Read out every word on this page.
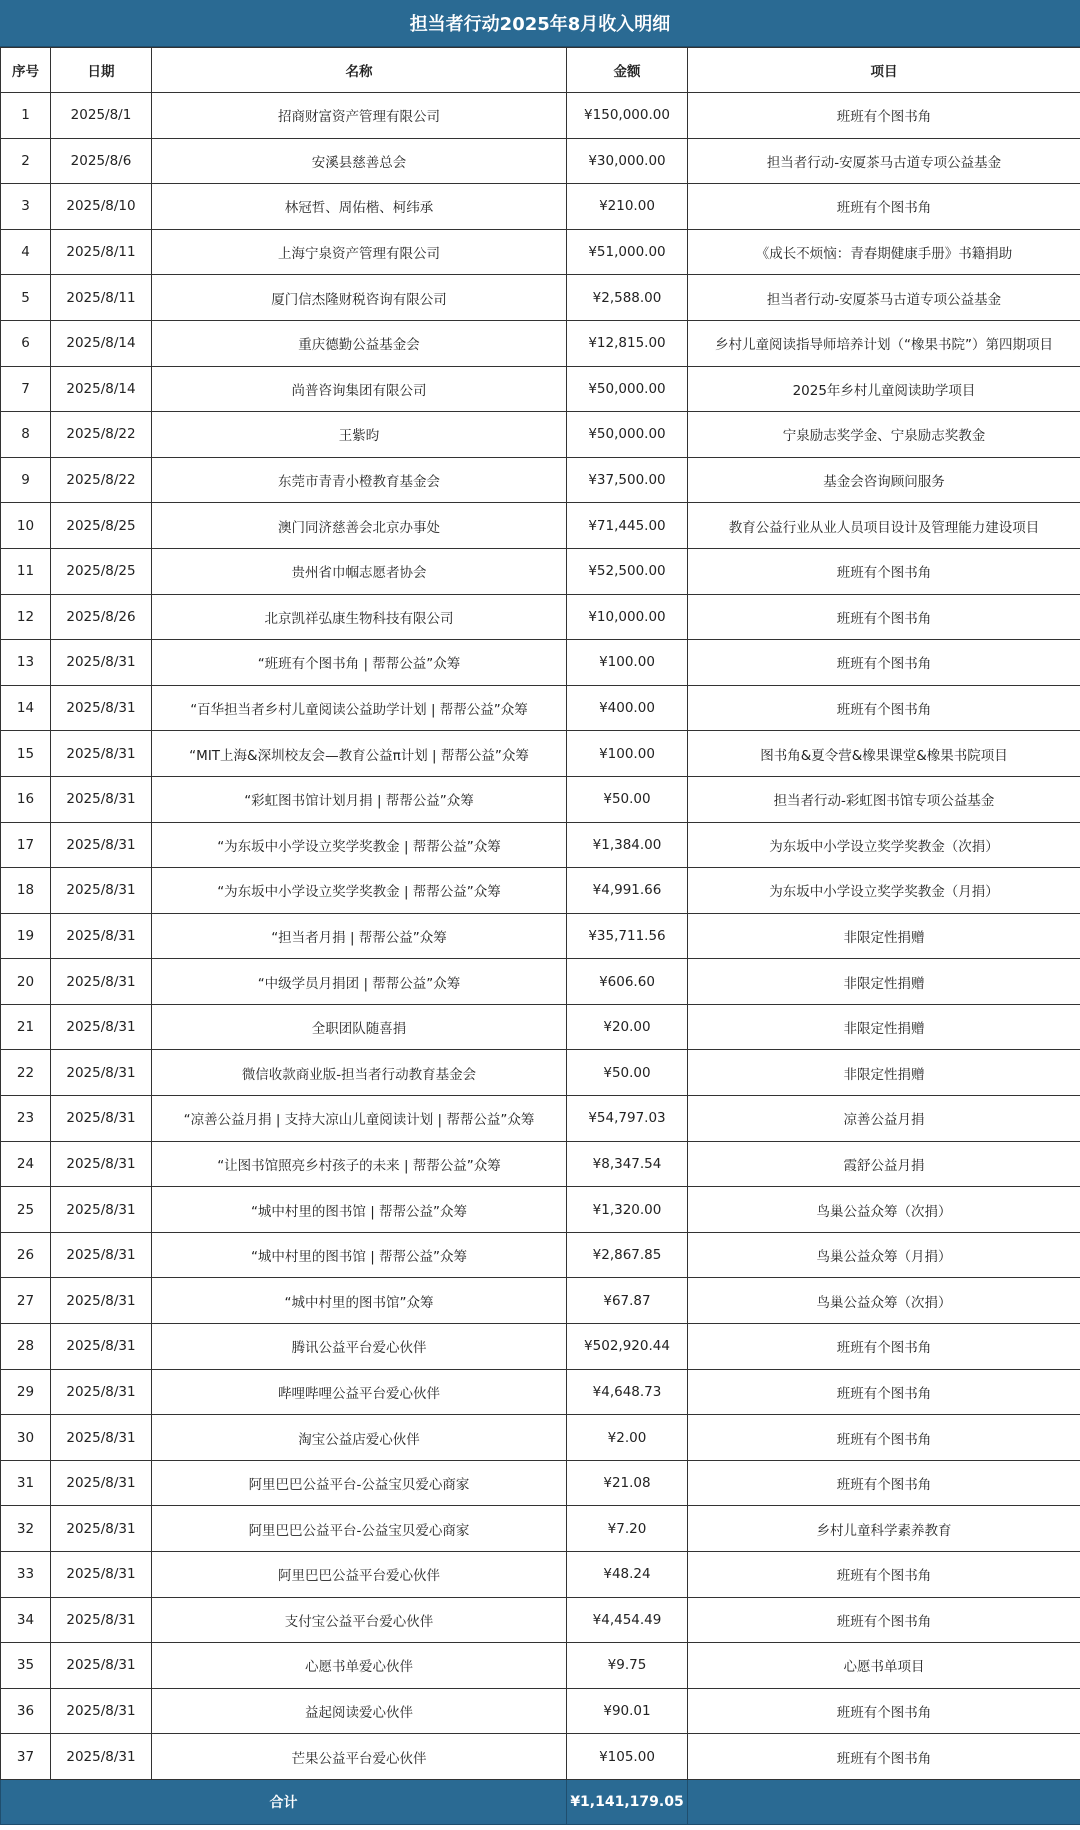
担当者行动2025年8月收入明细
序号	日期	名称	金额	项目
1	2025/8/1	招商财富资产管理有限公司	¥150,000.00	班班有个图书角
2	2025/8/6	安溪县慈善总会	¥30,000.00	担当者行动-安厦茶马古道专项公益基金
3	2025/8/10	林冠哲、周佑楷、柯纬承	¥210.00	班班有个图书角
4	2025/8/11	上海宁泉资产管理有限公司	¥51,000.00	《成长不烦恼：青春期健康手册》书籍捐助
5	2025/8/11	厦门信杰隆财税咨询有限公司	¥2,588.00	担当者行动-安厦茶马古道专项公益基金
6	2025/8/14	重庆德勤公益基金会	¥12,815.00	乡村儿童阅读指导师培养计划（“橡果书院”）第四期项目
7	2025/8/14	尚普咨询集团有限公司	¥50,000.00	2025年乡村儿童阅读助学项目
8	2025/8/22	王紫昀	¥50,000.00	宁泉励志奖学金、宁泉励志奖教金
9	2025/8/22	东莞市青青小橙教育基金会	¥37,500.00	基金会咨询顾问服务
10	2025/8/25	澳门同济慈善会北京办事处	¥71,445.00	教育公益行业从业人员项目设计及管理能力建设项目
11	2025/8/25	贵州省巾帼志愿者协会	¥52,500.00	班班有个图书角
12	2025/8/26	北京凯祥弘康生物科技有限公司	¥10,000.00	班班有个图书角
13	2025/8/31	“班班有个图书角 | 帮帮公益”众筹	¥100.00	班班有个图书角
14	2025/8/31	“百华担当者乡村儿童阅读公益助学计划 | 帮帮公益”众筹	¥400.00	班班有个图书角
15	2025/8/31	“MIT上海&深圳校友会—教育公益π计划 | 帮帮公益”众筹	¥100.00	图书角&夏令营&橡果课堂&橡果书院项目
16	2025/8/31	“彩虹图书馆计划月捐 | 帮帮公益”众筹	¥50.00	担当者行动-彩虹图书馆专项公益基金
17	2025/8/31	“为东坂中小学设立奖学奖教金 | 帮帮公益”众筹	¥1,384.00	为东坂中小学设立奖学奖教金（次捐）
18	2025/8/31	“为东坂中小学设立奖学奖教金 | 帮帮公益”众筹	¥4,991.66	为东坂中小学设立奖学奖教金（月捐）
19	2025/8/31	“担当者月捐 | 帮帮公益”众筹	¥35,711.56	非限定性捐赠
20	2025/8/31	“中级学员月捐团 | 帮帮公益”众筹	¥606.60	非限定性捐赠
21	2025/8/31	全职团队随喜捐	¥20.00	非限定性捐赠
22	2025/8/31	微信收款商业版-担当者行动教育基金会	¥50.00	非限定性捐赠
23	2025/8/31	“凉善公益月捐 | 支持大凉山儿童阅读计划 | 帮帮公益”众筹	¥54,797.03	凉善公益月捐
24	2025/8/31	“让图书馆照亮乡村孩子的未来 | 帮帮公益”众筹	¥8,347.54	霞舒公益月捐
25	2025/8/31	“城中村里的图书馆 | 帮帮公益”众筹	¥1,320.00	鸟巢公益众筹（次捐）
26	2025/8/31	“城中村里的图书馆 | 帮帮公益”众筹	¥2,867.85	鸟巢公益众筹（月捐）
27	2025/8/31	“城中村里的图书馆”众筹	¥67.87	鸟巢公益众筹（次捐）
28	2025/8/31	腾讯公益平台爱心伙伴	¥502,920.44	班班有个图书角
29	2025/8/31	哔哩哔哩公益平台爱心伙伴	¥4,648.73	班班有个图书角
30	2025/8/31	淘宝公益店爱心伙伴	¥2.00	班班有个图书角
31	2025/8/31	阿里巴巴公益平台-公益宝贝爱心商家	¥21.08	班班有个图书角
32	2025/8/31	阿里巴巴公益平台-公益宝贝爱心商家	¥7.20	乡村儿童科学素养教育
33	2025/8/31	阿里巴巴公益平台爱心伙伴	¥48.24	班班有个图书角
34	2025/8/31	支付宝公益平台爱心伙伴	¥4,454.49	班班有个图书角
35	2025/8/31	心愿书单爱心伙伴	¥9.75	心愿书单项目
36	2025/8/31	益起阅读爱心伙伴	¥90.01	班班有个图书角
37	2025/8/31	芒果公益平台爱心伙伴	¥105.00	班班有个图书角
合计			¥1,141,179.05	
